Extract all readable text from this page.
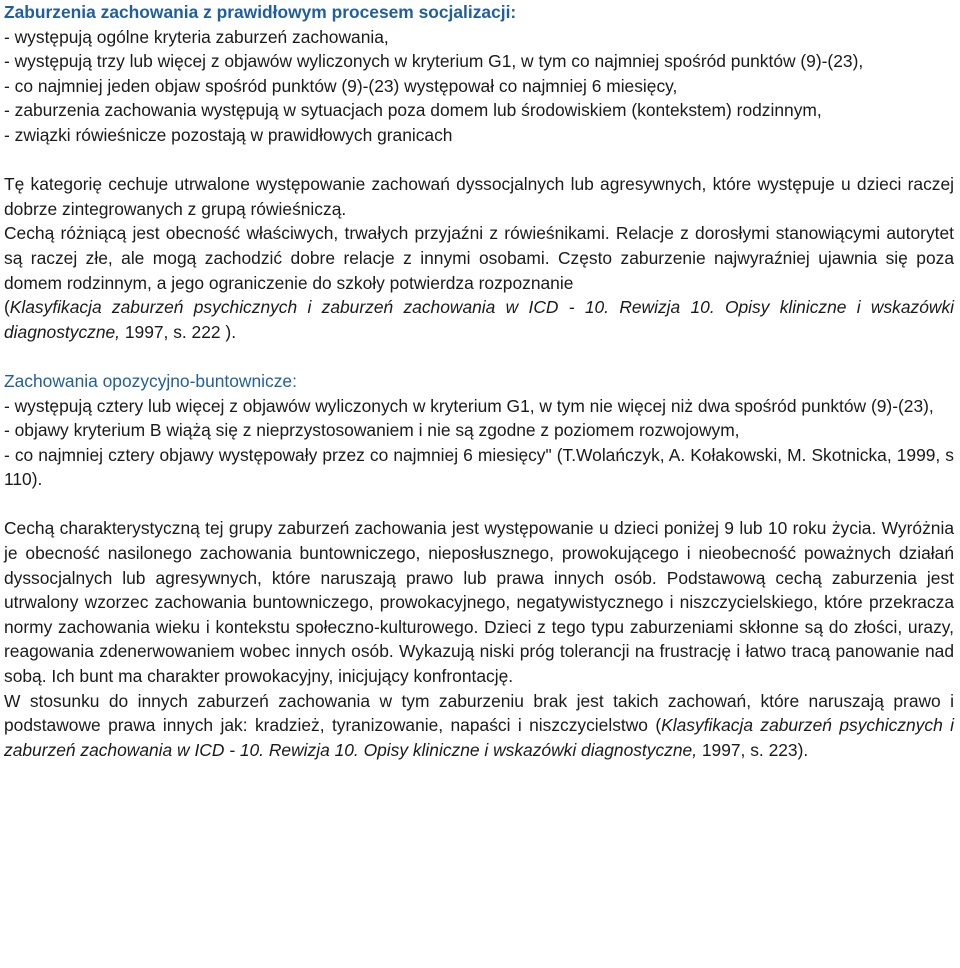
Zaburzenia zachowania z prawidłowym procesem socjalizacji:

- występują ogólne kryteria zaburzeń zachowania,

- występują trzy lub więcej z objawów wyliczonych w kryterium G1, w tym co najmniej spośród punktów (9)-(23),

- co najmniej jeden objaw spośród punktów (9)-(23) występował co najmniej 6 miesięcy,

- zaburzenia zachowania występują w sytuacjach poza domem lub środowiskiem (kontekstem) rodzinnym,

- związki rówieśnicze pozostają w prawidłowych granicach

Tę kategorię cechuje utrwalone występowanie zachowań dyssocjalnych lub agresywnych, które występuje u dzieci raczej dobrze zintegrowanych z grupą rówieśniczą.

Cechą różniącą jest obecność właściwych, trwałych przyjaźni z rówieśnikami. Relacje z dorosłymi stanowiącymi autorytet są raczej złe, ale mogą zachodzić dobre relacje z innymi osobami. Często zaburzenie najwyraźniej ujawnia się poza domem rodzinnym, a jego ograniczenie do szkoły potwierdza rozpoznanie

(Klasyfikacja zaburzeń psychicznych i zaburzeń zachowania w ICD - 10. Rewizja 10. Opisy kliniczne i wskazówki diagnostyczne, 1997, s. 222 ).

Zachowania opozycyjno-buntownicze:

- występują cztery lub więcej z objawów wyliczonych w kryterium G1, w tym nie więcej niż dwa spośród punktów (9)-(23),

- objawy kryterium B wiążą się z nieprzystosowaniem i nie są zgodne z poziomem rozwojowym,

- co najmniej cztery objawy występowały przez co najmniej 6 miesięcy" (T.Wolańczyk, A. Kołakowski, M. Skotnicka, 1999, s 110).

Cechą charakterystyczną tej grupy zaburzeń zachowania jest występowanie u dzieci poniżej 9 lub 10 roku życia. Wyróżnia je obecność nasilonego zachowania buntowniczego, nieposłusznego, prowokującego i nieobecność poważnych działań dyssocjalnych lub agresywnych, które naruszają prawo lub prawa innych osób. Podstawową cechą zaburzenia jest utrwalony wzorzec zachowania buntowniczego, prowokacyjnego, negatywistycznego i niszczycielskiego, które przekracza normy zachowania wieku i kontekstu społeczno-kulturowego. Dzieci z tego typu zaburzeniami skłonne są do złości, urazy, reagowania zdenerwowaniem wobec innych osób. Wykazują niski próg tolerancji na frustrację i łatwo tracą panowanie nad sobą. Ich bunt ma charakter prowokacyjny, inicjujący konfrontację.

W stosunku do innych zaburzeń zachowania w tym zaburzeniu brak jest takich zachowań, które naruszają prawo i podstawowe prawa innych jak: kradzież, tyranizowanie, napaści i niszczycielstwo (Klasyfikacja zaburzeń psychicznych i zaburzeń zachowania w ICD - 10. Rewizja 10. Opisy kliniczne i wskazówki diagnostyczne, 1997, s. 223).
